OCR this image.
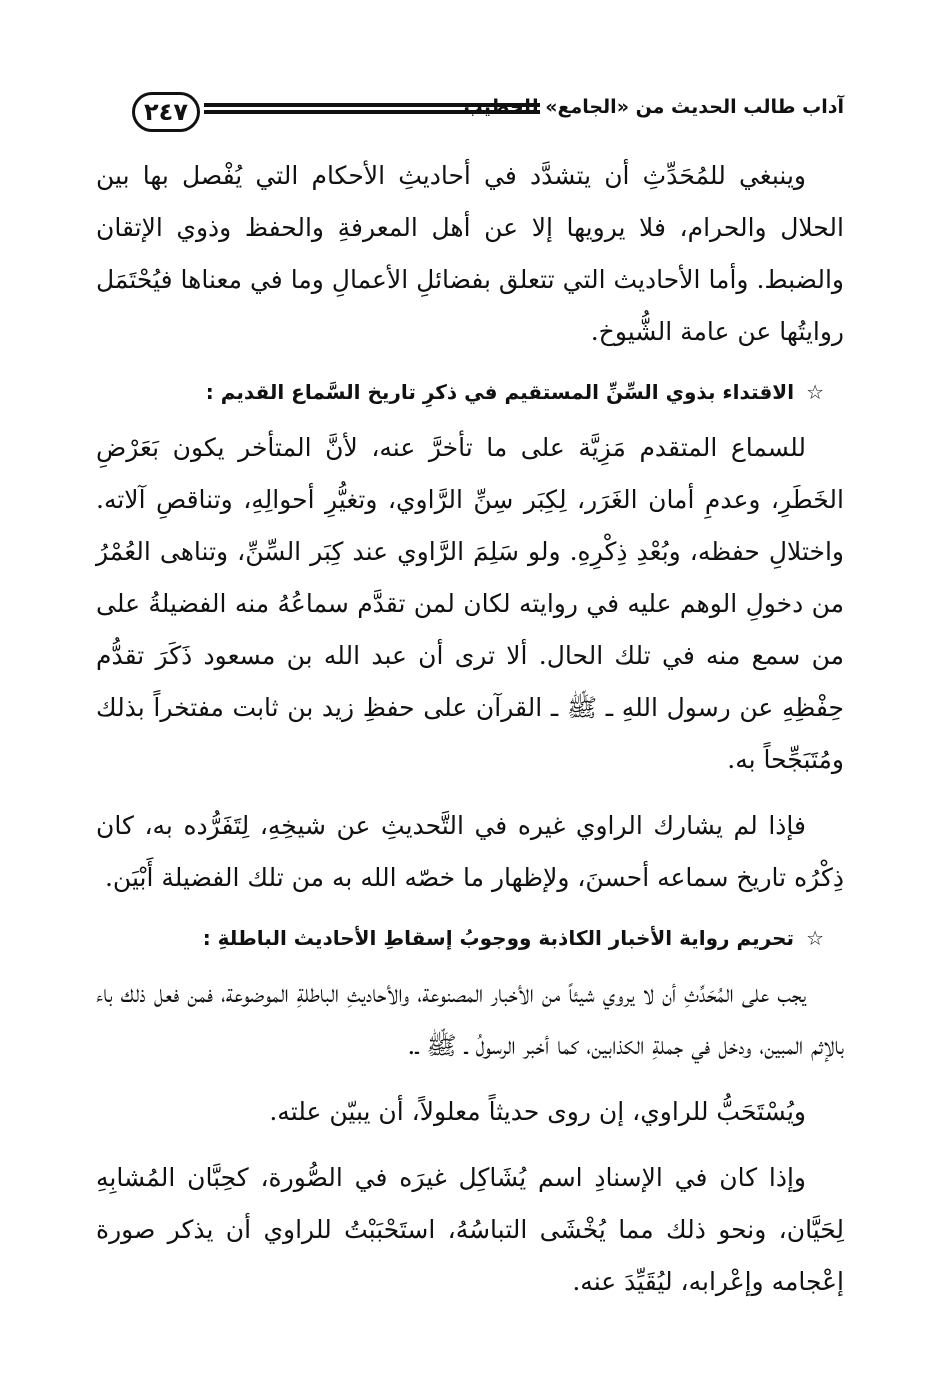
٢٤٧	آداب طالب الحديث من «الجامع» للخطيب

وينبغي للمُحَدِّثِ أن يتشدَّد في أحاديثِ الأحكام التي يُفْصل بها بين الحلال والحرام، فلا يرويها إلا عن أهل المعرفةِ والحفظ وذوي الإتقان والضبط. وأما الأحاديث التي تتعلق بفضائلِ الأعمالِ وما في معناها فيُحْتَمَل روايتُها عن عامة الشُّيوخ.

☆الاقتداء بذوي السِّنِّ المستقيم في ذكرِ تاريخ السَّماع القديم :

للسماع المتقدم مَزِيَّة على ما تأخرَّ عنه، لأنَّ المتأخر يكون بَعَرْضِ الخَطَرِ، وعدمِ أمان الغَرَر، لِكِبَر سِنِّ الرَّاوي، وتغيُّرِ أحوالِهِ، وتناقصِ آلاته. واختلالِ حفظه، وبُعْدِ ذِكْرِهِ. ولو سَلِمَ الرَّاوي عند كِبَر السِّنِّ، وتناهى العُمْرُ من دخولِ الوهم عليه في روايته لكان لمن تقدَّم سماعُهُ منه الفضيلةُ على من سمع منه في تلك الحال. ألا ترى أن عبد الله بن مسعود ذَكَرَ تقدُّم حِفْظِهِ عن رسول اللهِ ـ ﷺ ـ القرآن على حفظِ زيد بن ثابت مفتخراً بذلك ومُتَبَجِّحاً به.

فإذا لم يشارك الراوي غيره في التَّحديثِ عن شيخِهِ، لِتَفَرُّده به، كان ذِكْرُه تاريخ سماعه أحسنَ، ولإظهار ما خصّه الله به من تلك الفضيلة أَبْيَن.

☆تحريم رواية الأخبار الكاذبة ووجوبُ إسقاطِ الأحاديث الباطلةِ :

يجب على المُحَدِّثِ أن لا يروي شيئاً من الأخبار المصنوعة، والأحاديثِ الباطلةِ الموضوعة، فمن فعل ذلك باء بالإثم المبين، ودخل في جملةِ الكذابين، كما أخبر الرسولُ ـ ﷺ ـ.

ويُسْتَحَبُّ للراوي، إن روى حديثاً معلولاً، أن يبيّن علته.

وإذا كان في الإسنادِ اسم يُشَاكِل غيرَه في الصُّورة، كحِبَّان المُشابِهِ لِحَيَّان، ونحو ذلك مما يُخْشَى التباسُهُ، استَحْبَبْتُ للراوي أن يذكر صورة إعْجامه وإعْرابه، ليُقَيِّدَ عنه.
